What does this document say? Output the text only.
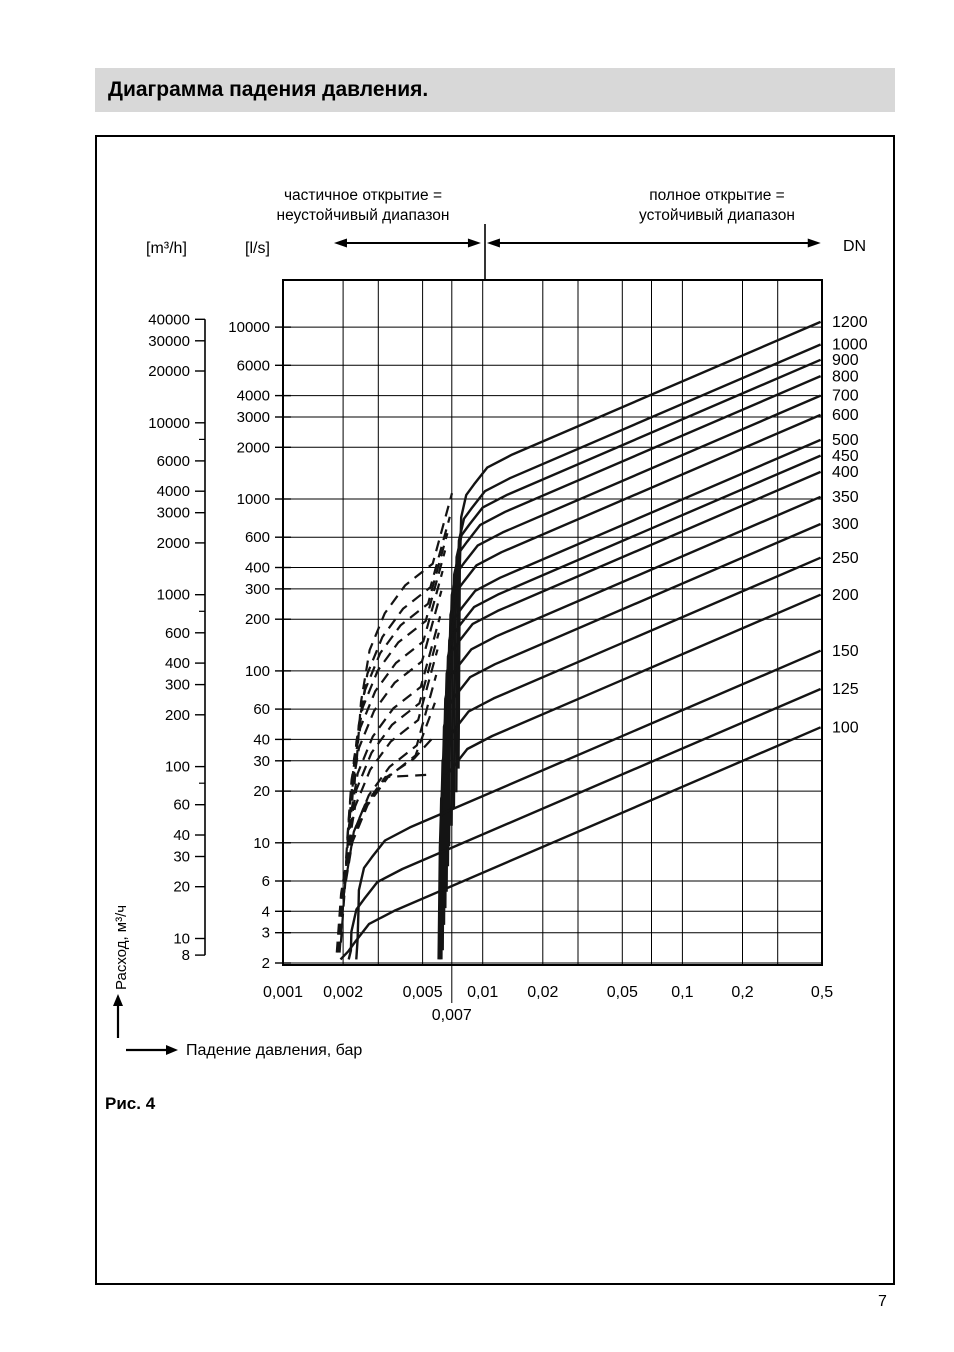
Диаграмма падения давления.
1200
1000
900
800
700
600
500
450
400
350
300
250
200
150
125
100
0,001 0,002 0,005 0,01 0,02	0,05 0,1 0,2	0,5
0,007
10000
6000
4000
3000
2000
1000
600
400
300
200
100
60
40
30
20
10
6
4
3
2
40000
30000
20000
10000
6000
4000
3000
2000
1000
600
400
300
200
100
60
40
30
20
10
8
частичное открытие =
неустойчивый диапазон
полное открытие =
устойчивый диапазон
[m³/h]	[l/s]	DN
Падение давления, бар
Расход, м³/ч
Рис. 4
7
